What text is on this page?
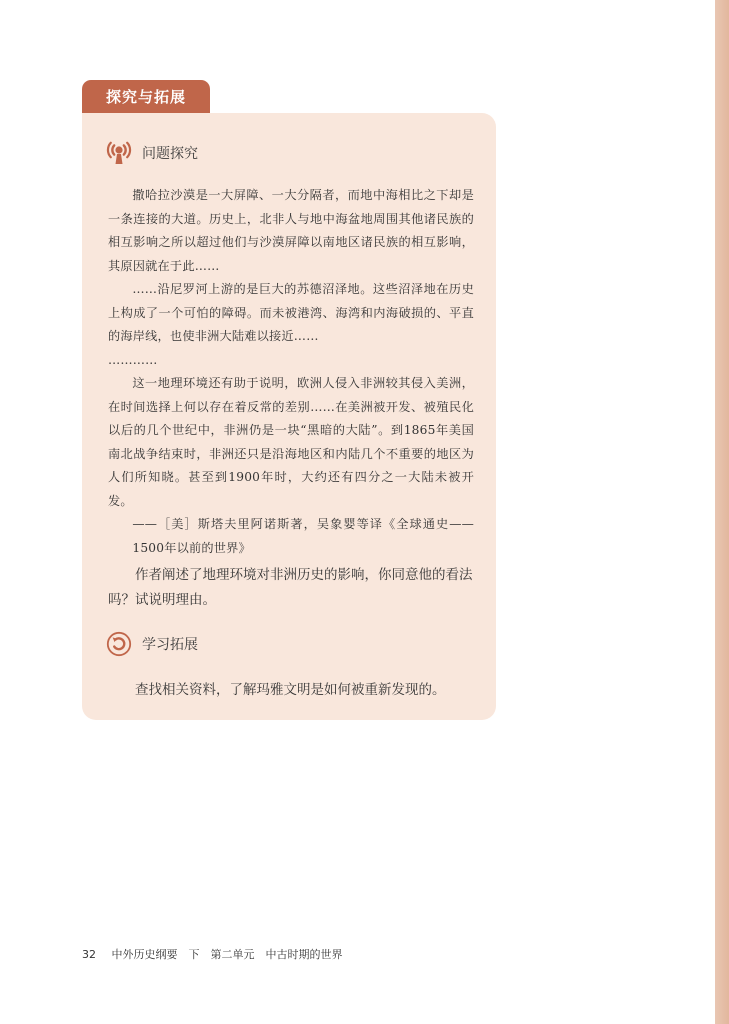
探究与拓展
问题探究

撒哈拉沙漠是一大屏障、一大分隔者，而地中海相比之下却是一条连接的大道。历史上，北非人与地中海盆地周围其他诸民族的相互影响之所以超过他们与沙漠屏障以南地区诸民族的相互影响，其原因就在于此……

……沿尼罗河上游的是巨大的苏德沼泽地。这些沼泽地在历史上构成了一个可怕的障碍。而未被港湾、海湾和内海破损的、平直的海岸线，也使非洲大陆难以接近……

…………

这一地理环境还有助于说明，欧洲人侵入非洲较其侵入美洲，在时间选择上何以存在着反常的差别……在美洲被开发、被殖民化以后的几个世纪中，非洲仍是一块“黑暗的大陆”。到1865年美国南北战争结束时，非洲还只是沿海地区和内陆几个不重要的地区为人们所知晓。甚至到1900年时，大约还有四分之一大陆未被开发。

——［美］斯塔夫里阿诺斯著，吴象婴等译《全球通史——1500年以前的世界》

作者阐述了地理环境对非洲历史的影响，你同意他的看法吗？试说明理由。

学习拓展

查找相关资料，了解玛雅文明是如何被重新发现的。

32 中外历史纲要　下　第二单元　中古时期的世界
